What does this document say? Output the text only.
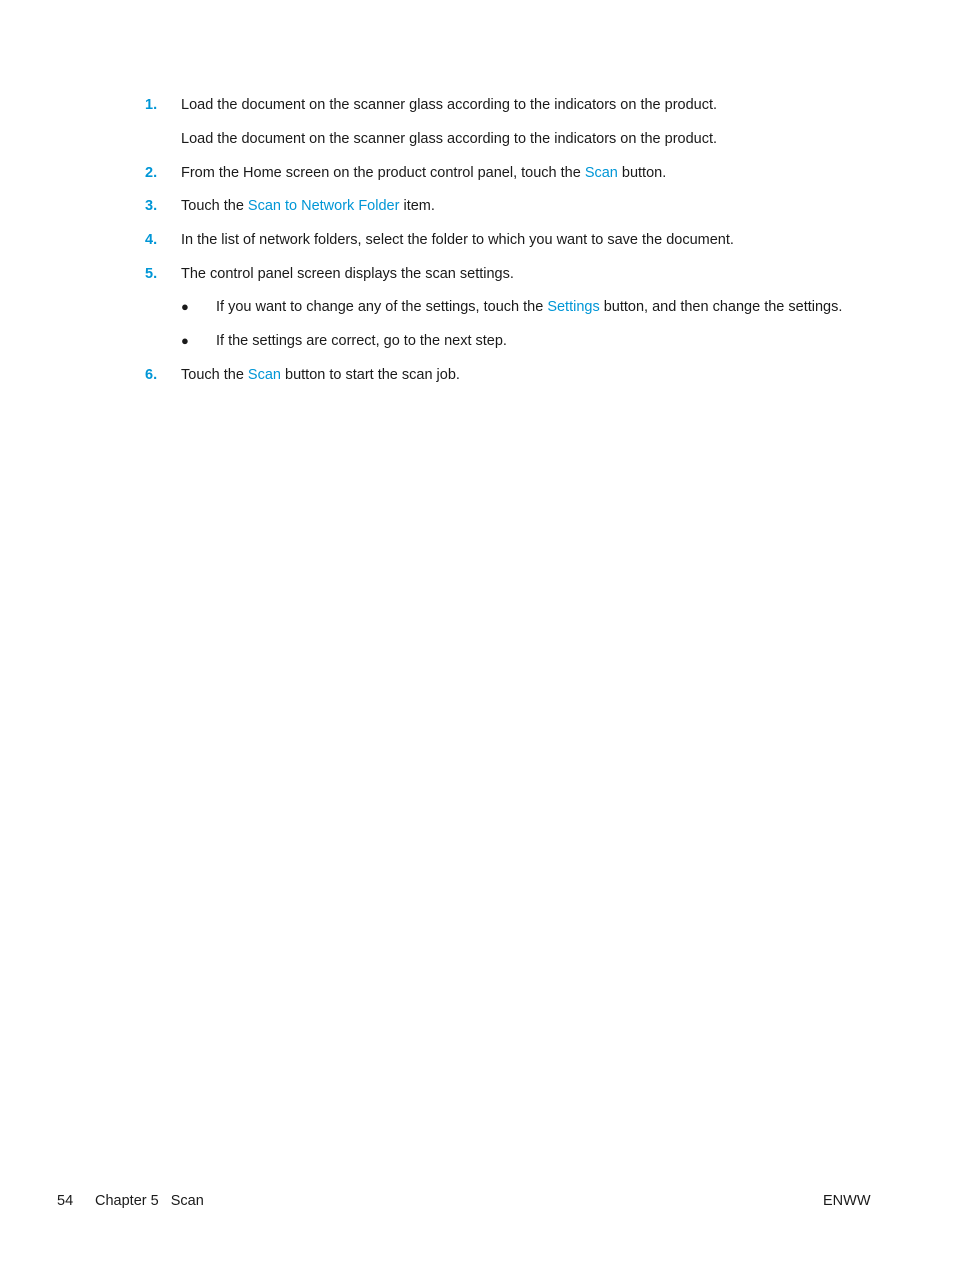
1.	Load the document on the scanner glass according to the indicators on the product.
Load the document on the scanner glass according to the indicators on the product.
2.	From the Home screen on the product control panel, touch the Scan button.
3.	Touch the Scan to Network Folder item.
4.	In the list of network folders, select the folder to which you want to save the document.
5.	The control panel screen displays the scan settings.
● If you want to change any of the settings, touch the Settings button, and then change the settings.
● If the settings are correct, go to the next step.
6.	Touch the Scan button to start the scan job.
54 Chapter 5   Scan	ENWW
